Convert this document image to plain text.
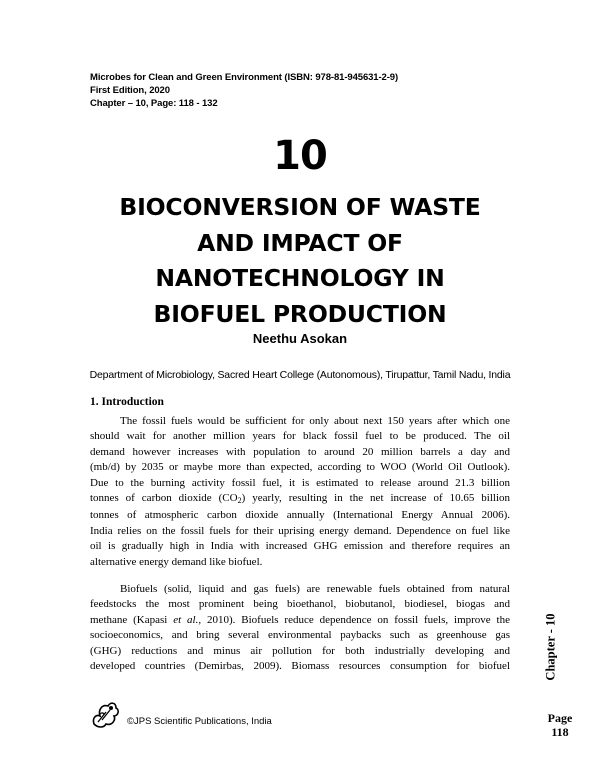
Microbes for Clean and Green Environment (ISBN: 978-81-945631-2-9)
First Edition, 2020
Chapter – 10, Page: 118 - 132
10
BIOCONVERSION OF WASTE
AND IMPACT OF
NANOTECHNOLOGY IN
BIOFUEL PRODUCTION
Neethu Asokan
Department of Microbiology, Sacred Heart College (Autonomous), Tirupattur, Tamil Nadu, India
1. Introduction

The fossil fuels would be sufficient for only about next 150 years after which one
should wait for another million years for black fossil fuel to be produced. The oil
demand however increases with population to around 20 million barrels a day and
(mb/d) by 2035 or maybe more than expected, according to WOO (World Oil Outlook).
Due to the burning activity fossil fuel, it is estimated to release around 21.3 billion
tonnes of carbon dioxide $(CO_2)$ yearly, resulting in the net increase of 10.65 billion
tonnes of atmospheric carbon dioxide annually (International Energy Annual 2006).
India relies on the fossil fuels for their uprising energy demand. Dependence on fuel like
oil is gradually high in India with increased GHG emission and therefore requires an
alternative energy demand like biofuel.

Biofuels (solid, liquid and gas fuels) are renewable fuels obtained from natural
feedstocks the most prominent being bioethanol, biobutanol, biodiesel, biogas and
methane (Kapasi et al., 2010). Biofuels reduce dependence on fossil fuels, improve the
socioeconomics, and bring several environmental paybacks such as greenhouse gas
(GHG) reductions and minus air pollution for both industrially developing and
developed countries (Demirbas, 2009). Biomass resources consumption for biofuel	Chapter - 10
Page
118
©JPS Scientific Publications, India
